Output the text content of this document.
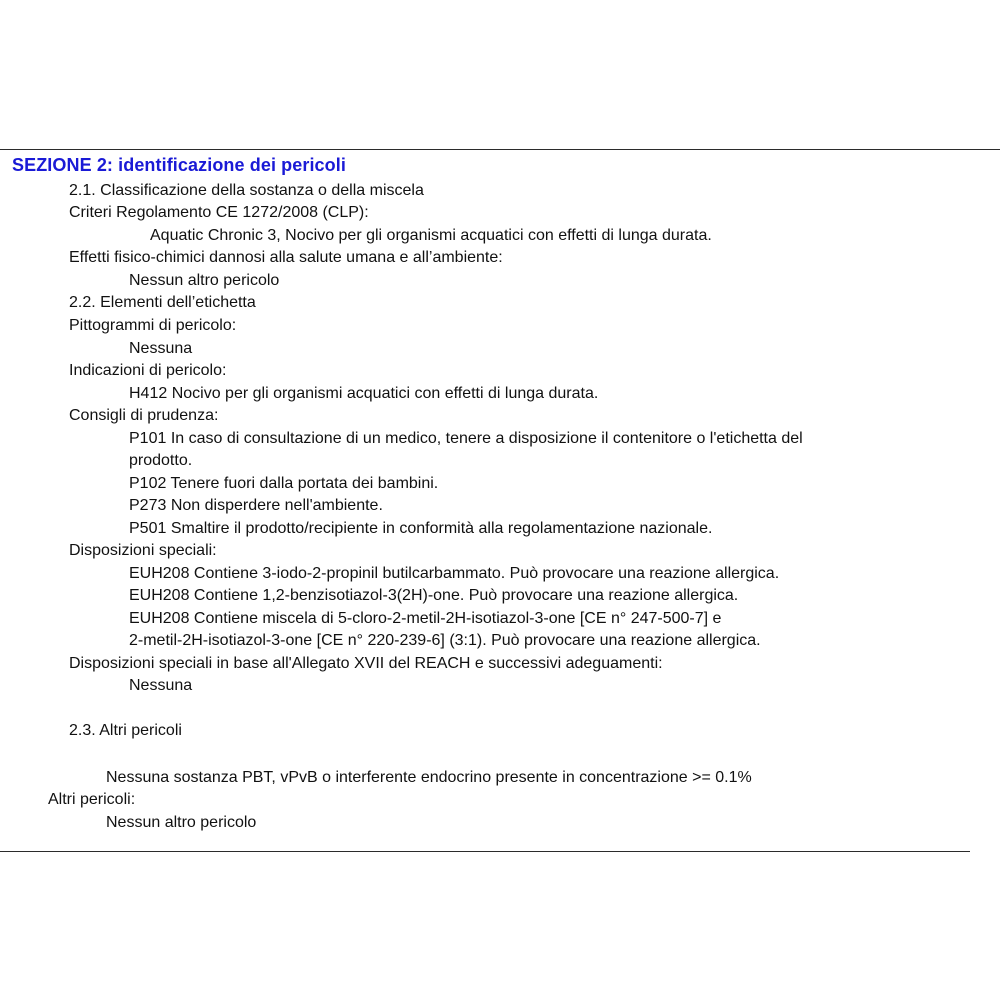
SEZIONE 2: identificazione dei pericoli
2.1. Classificazione della sostanza o della miscela
Criteri Regolamento CE 1272/2008 (CLP):
Aquatic Chronic 3, Nocivo per gli organismi acquatici con effetti di lunga durata.
Effetti fisico-chimici dannosi alla salute umana e all’ambiente:
Nessun altro pericolo
2.2. Elementi dell’etichetta
Pittogrammi di pericolo:
Nessuna
Indicazioni di pericolo:
H412 Nocivo per gli organismi acquatici con effetti di lunga durata.
Consigli di prudenza:
P101 In caso di consultazione di un medico, tenere a disposizione il contenitore o l'etichetta del
prodotto.
P102 Tenere fuori dalla portata dei bambini.
P273 Non disperdere nell'ambiente.
P501 Smaltire il prodotto/recipiente in conformità alla regolamentazione nazionale.
Disposizioni speciali:
EUH208 Contiene 3-iodo-2-propinil butilcarbammato. Può provocare una reazione allergica.
EUH208 Contiene 1,2-benzisotiazol-3(2H)-one. Può provocare una reazione allergica.
EUH208 Contiene miscela di 5-cloro-2-metil-2H-isotiazol-3-one [CE n° 247-500-7] e
2-metil-2H-isotiazol-3-one [CE n° 220-239-6] (3:1). Può provocare una reazione allergica.
Disposizioni speciali in base all'Allegato XVII del REACH e successivi adeguamenti:
Nessuna
2.3. Altri pericoli
Nessuna sostanza PBT, vPvB o interferente endocrino presente in concentrazione >= 0.1%
Altri pericoli:
Nessun altro pericolo
